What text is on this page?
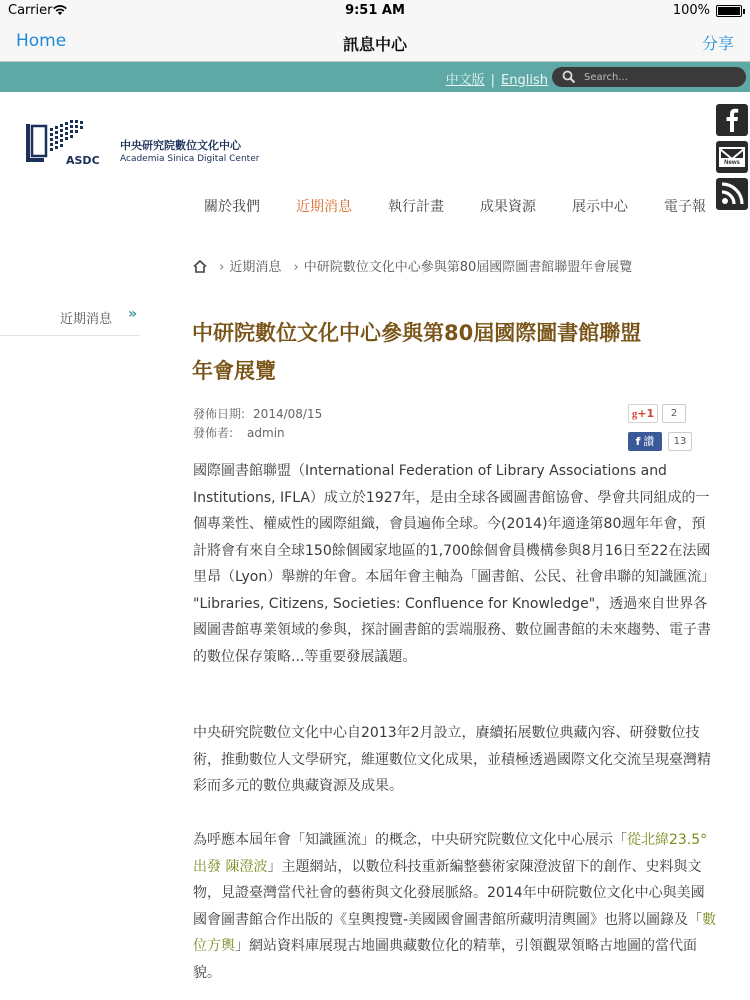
Carrier	9:51 AM	100%
Home	訊息中心	分享
中文版 | English
Search...
ASDC
中央研究院數位文化中心
Academia Sinica Digital Center	News
關於我們	近期消息	執行計畫	成果資源	展示中心	電子報
› 近期消息 › 中研院數位文化中心參與第80屆國際圖書館聯盟年會展覽
近期消息 »
中研院數位文化中心參與第80屆國際圖書館聯盟
年會展覽
發佈日期: 2014/08/15
發佈者: admin
g+1	2
f 讚	13

國際圖書館聯盟（International Federation of Library Associations and Institutions, IFLA）成立於1927年，是由全球各國圖書館協會、學會共同組成的一個專業性、權威性的國際組織，會員遍佈全球。今(2014)年適逢第80週年年會，預計將會有來自全球150餘個國家地區的1,700餘個會員機構參與8月16日至22在法國里昂（Lyon）舉辦的年會。本屆年會主軸為「圖書館、公民、社會串聯的知識匯流」 "Libraries, Citizens, Societies: Confluence for Knowledge"，透過來自世界各國圖書館專業領域的參與，探討圖書館的雲端服務、數位圖書館的未來趨勢、電子書的數位保存策略...等重要發展議題。

中央研究院數位文化中心自2013年2月設立，賡續拓展數位典藏內容、研發數位技術，推動數位人文學研究，維運數位文化成果，並積極透過國際文化交流呈現臺灣精彩而多元的數位典藏資源及成果。

為呼應本屆年會「知識匯流」的概念，中央研究院數位文化中心展示「從北緯23.5°出發 陳澄波」主題網站，以數位科技重新編整藝術家陳澄波留下的創作、史料與文物，見證臺灣當代社會的藝術與文化發展脈絡。2014年中研院數位文化中心與美國國會圖書館合作出版的《皇輿搜覽-美國國會圖書館所藏明清輿圖》也將以圖錄及「數位方輿」網站資料庫展現古地圖典藏數位化的精華，引領觀眾領略古地圖的當代面貌。
